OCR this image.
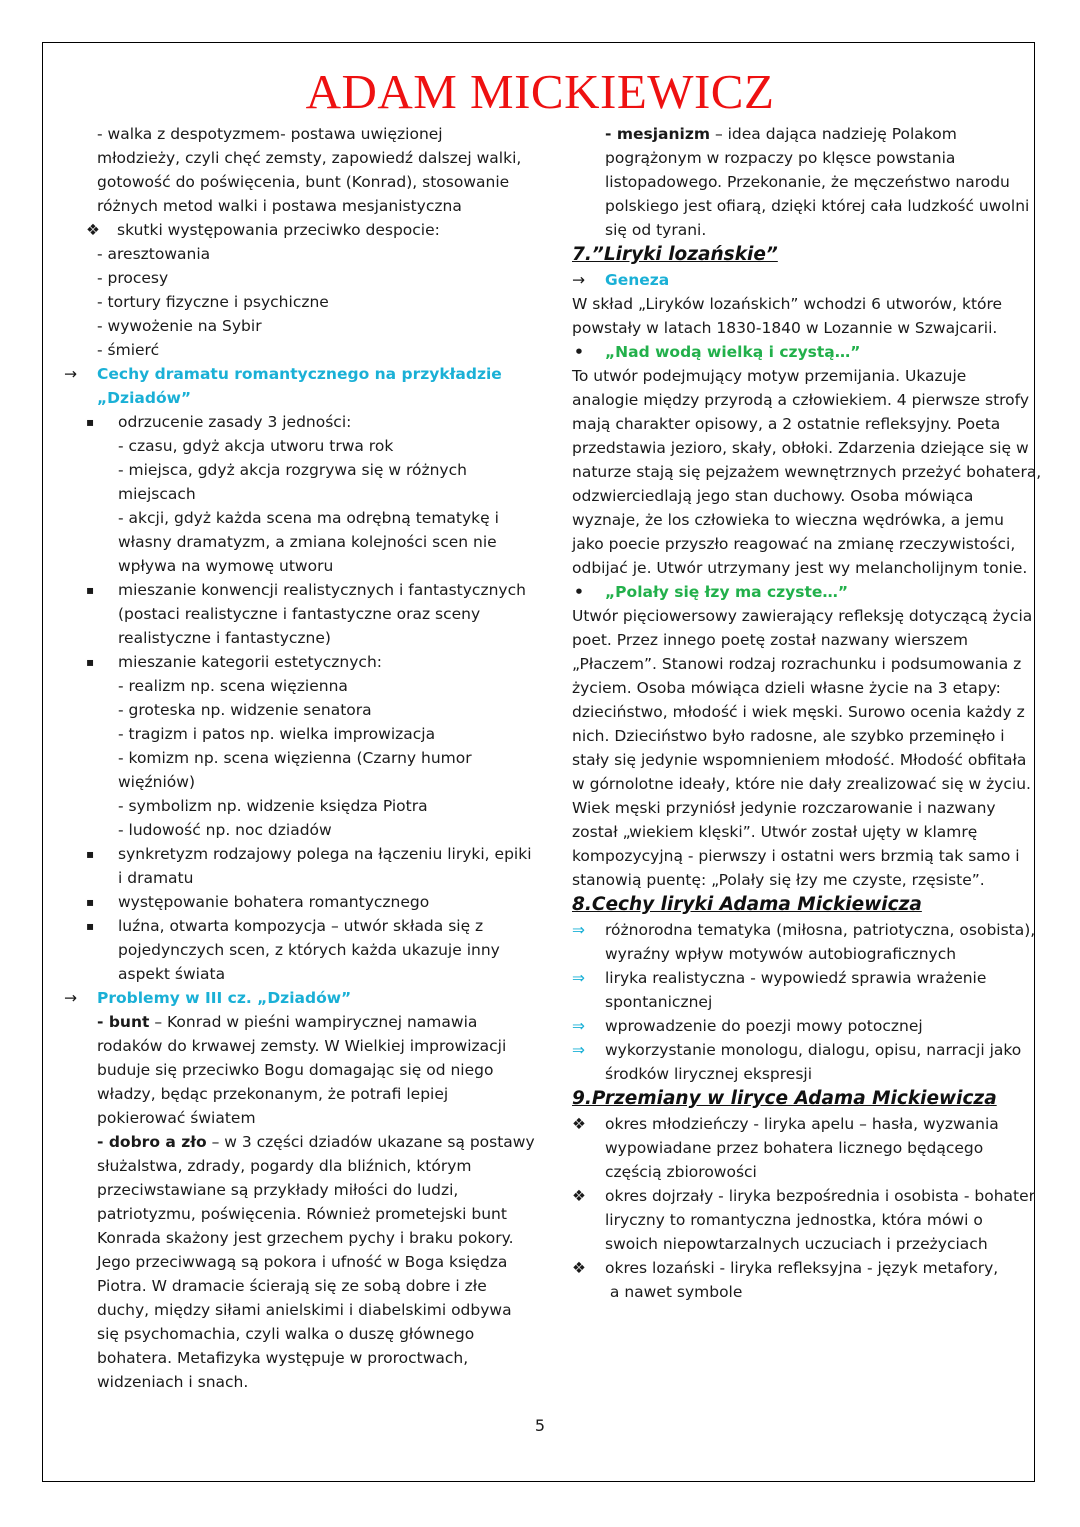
ADAM MICKIEWICZ
- walka z despotyzmem- postawa uwięzionej
młodzieży, czyli chęć zemsty, zapowiedź dalszej walki,
gotowość do poświęcenia, bunt (Konrad), stosowanie
różnych metod walki i postawa mesjanistyczna
❖ skutki występowania przeciwko despocie:
- aresztowania
- procesy
- tortury fizyczne i psychiczne
- wywożenie na Sybir
- śmierć
→ Cechy dramatu romantycznego na przykładzie
„Dziadów”
▪ odrzucenie zasady 3 jedności:
- czasu, gdyż akcja utworu trwa rok
- miejsca, gdyż akcja rozgrywa się w różnych
miejscach
- akcji, gdyż każda scena ma odrębną tematykę i
własny dramatyzm, a zmiana kolejności scen nie
wpływa na wymowę utworu
▪ mieszanie konwencji realistycznych i fantastycznych
(postaci realistyczne i fantastyczne oraz sceny
realistyczne i fantastyczne)
▪ mieszanie kategorii estetycznych:
- realizm np. scena więzienna
- groteska np. widzenie senatora
- tragizm i patos np. wielka improwizacja
- komizm np. scena więzienna (Czarny humor
więźniów)
- symbolizm np. widzenie księdza Piotra
- ludowość np. noc dziadów
▪ synkretyzm rodzajowy polega na łączeniu liryki, epiki
i dramatu
▪ występowanie bohatera romantycznego
▪ luźna, otwarta kompozycja – utwór składa się z
pojedynczych scen, z których każda ukazuje inny
aspekt świata
→ Problemy w III cz. „Dziadów”
- bunt – Konrad w pieśni wampirycznej namawia
rodaków do krwawej zemsty. W Wielkiej improwizacji
buduje się przeciwko Bogu domagając się od niego
władzy, będąc przekonanym, że potrafi lepiej
pokierować światem
- dobro a zło – w 3 części dziadów ukazane są postawy
służalstwa, zdrady, pogardy dla bliźnich, którym
przeciwstawiane są przykłady miłości do ludzi,
patriotyzmu, poświęcenia. Również prometejski bunt
Konrada skażony jest grzechem pychy i braku pokory.
Jego przeciwwagą są pokora i ufność w Boga księdza
Piotra. W dramacie ścierają się ze sobą dobre i złe
duchy, między siłami anielskimi i diabelskimi odbywa
się psychomachia, czyli walka o duszę głównego
bohatera. Metafizyka występuje w proroctwach,
widzeniach i snach.
- mesjanizm – idea dająca nadzieję Polakom
pogrążonym w rozpaczy po klęsce powstania
listopadowego. Przekonanie, że męczeństwo narodu
polskiego jest ofiarą, dzięki której cała ludzkość uwolni
się od tyrani.
7.”Liryki lozańskie”
→ Geneza
W skład „Liryków lozańskich” wchodzi 6 utworów, które
powstały w latach 1830-1840 w Lozannie w Szwajcarii.
• „Nad wodą wielką i czystą…”
To utwór podejmujący motyw przemijania. Ukazuje
analogie między przyrodą a człowiekiem. 4 pierwsze strofy
mają charakter opisowy, a 2 ostatnie refleksyjny. Poeta
przedstawia jezioro, skały, obłoki. Zdarzenia dziejące się w
naturze stają się pejzażem wewnętrznych przeżyć bohatera,
odzwierciedlają jego stan duchowy. Osoba mówiąca
wyznaje, że los człowieka to wieczna wędrówka, a jemu
jako poecie przyszło reagować na zmianę rzeczywistości,
odbijać je. Utwór utrzymany jest wy melancholijnym tonie.
• „Polały się łzy ma czyste…”
Utwór pięciowersowy zawierający refleksję dotyczącą życia
poet. Przez innego poetę został nazwany wierszem
„Płaczem”. Stanowi rodzaj rozrachunku i podsumowania z
życiem. Osoba mówiąca dzieli własne życie na 3 etapy:
dzieciństwo, młodość i wiek męski. Surowo ocenia każdy z
nich. Dzieciństwo było radosne, ale szybko przeminęło i
stały się jedynie wspomnieniem młodość. Młodość obfitała
w górnolotne ideały, które nie dały zrealizować się w życiu.
Wiek męski przyniósł jedynie rozczarowanie i nazwany
został „wiekiem klęski”. Utwór został ujęty w klamrę
kompozycyjną - pierwszy i ostatni wers brzmią tak samo i
stanowią puentę: „Polały się łzy me czyste, rzęsiste”.
8.Cechy liryki Adama Mickiewicza
⇒ różnorodna tematyka (miłosna, patriotyczna, osobista),
wyraźny wpływ motywów autobiograficznych
⇒ liryka realistyczna - wypowiedź sprawia wrażenie
spontanicznej
⇒ wprowadzenie do poezji mowy potocznej
⇒ wykorzystanie monologu, dialogu, opisu, narracji jako
środków lirycznej ekspresji
9.Przemiany w liryce Adama Mickiewicza
❖ okres młodzieńczy - liryka apelu – hasła, wyzwania
wypowiadane przez bohatera licznego będącego
częścią zbiorowości
❖ okres dojrzały - liryka bezpośrednia i osobista - bohater
liryczny to romantyczna jednostka, która mówi o
swoich niepowtarzalnych uczuciach i przeżyciach
❖ okres lozański - liryka refleksyjna - język metafory,
a nawet symbole
5
